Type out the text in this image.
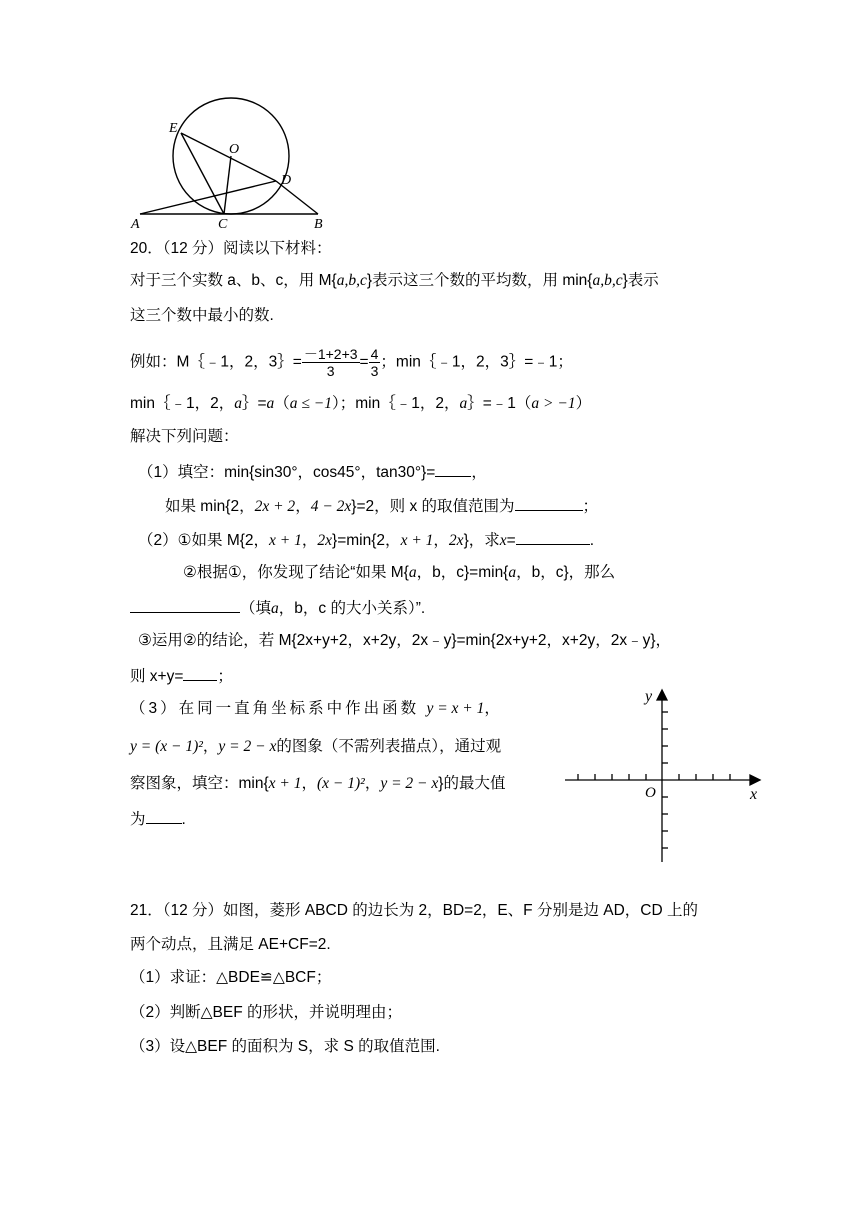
E
O
D
A	C	B
y
x
O
20．（12 分）阅读以下材料：
对于三个实数 a、b、c，用 M{a,b,c}表示这三个数的平均数，用 min{a,b,c}表示
这三个数中最小的数.
例如：M｛﹣1，2，3｝= $\frac{-1+2+3}{3} = \frac{4}{3}$ ；min｛﹣1，2，3｝=﹣1；
min｛﹣1，2，a｝=a（a ≤ −1）；min｛﹣1，2，a｝=﹣1（a > −1）
解决下列问题：
（1）填空：min{sin30°，cos45°，tan30°}= ，
如果 min{2，2x + 2，4 − 2x}=2，则 x 的取值范围为	；
（2）①如果 M{2，x + 1，2x}=min{2，x + 1，2x}，求x=	.
②根据①，你发现了结论“如果 M{a，b，c}=min{a，b，c}，那么
（填a，b，c 的大小关系）”.
③运用②的结论，若 M{2x+y+2，x+2y，2x﹣y}=min{2x+y+2，x+2y，2x﹣y}，
则 x+y= ；
（3）在同一直角坐标系中作出函数 y = x + 1，
y = (x − 1)²，y = 2 − x的图象（不需列表描点），通过观
察图象，填空：min{x + 1，(x − 1)²，y = 2 − x}的最大值
为 .
21．（12 分）如图，菱形 ABCD 的边长为 2，BD=2，E、F 分别是边 AD，CD 上的
两个动点，且满足 AE+CF=2.
（1）求证：△BDE≌△BCF；
（2）判断△BEF 的形状，并说明理由；
（3）设△BEF 的面积为 S，求 S 的取值范围.
